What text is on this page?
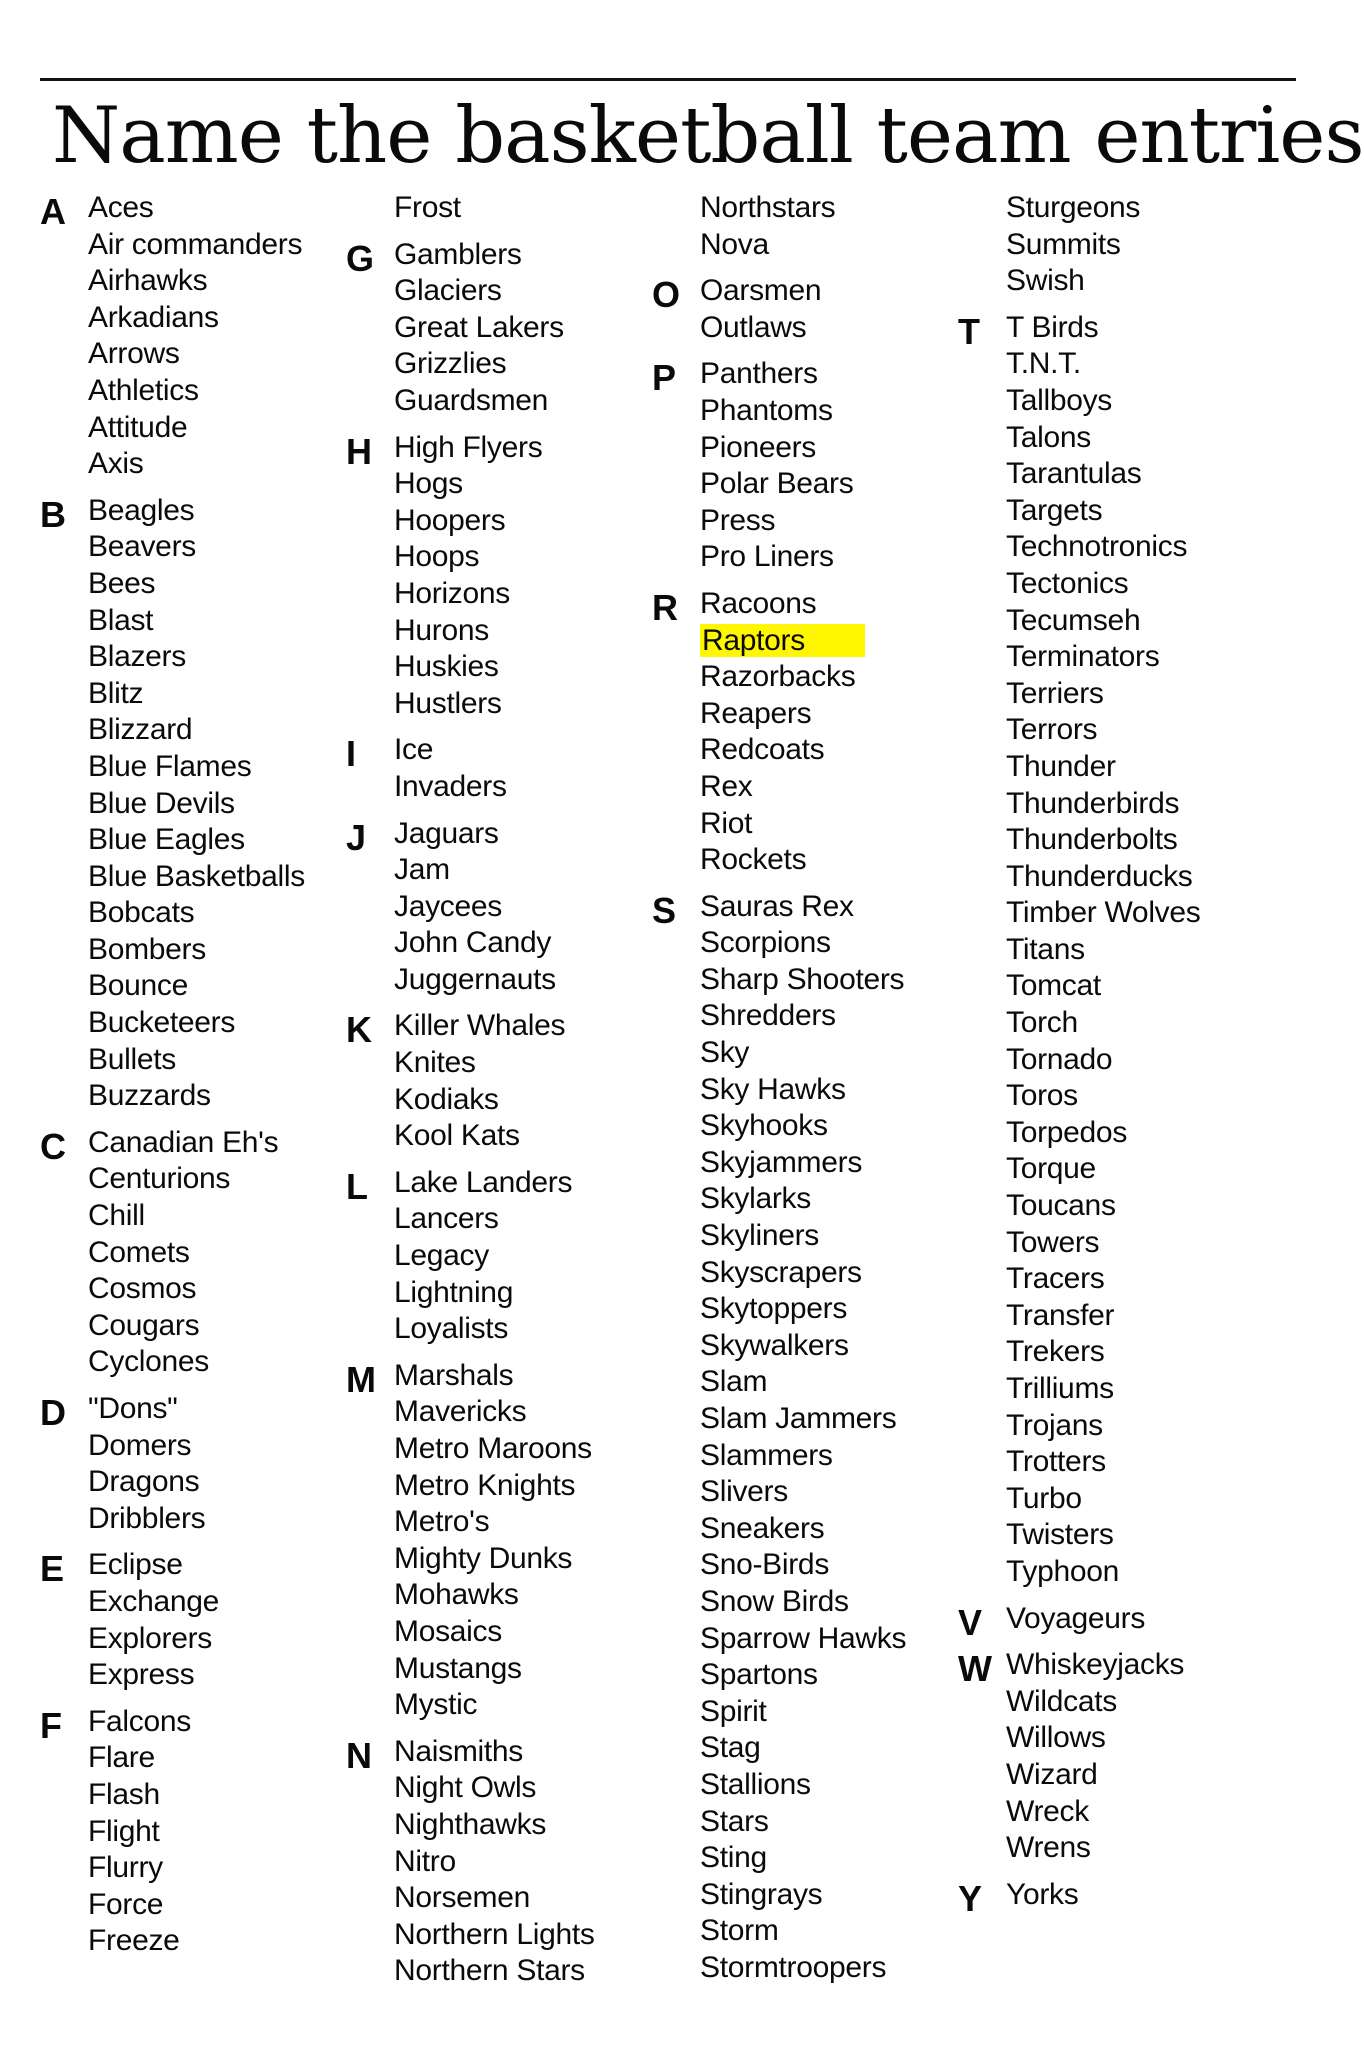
Name the basketball team entries
A Aces
Air commanders
Airhawks
Arkadians
Arrows
Athletics
Attitude
Axis
B Beagles
Beavers
Bees
Blast
Blazers
Blitz
Blizzard
Blue Flames
Blue Devils
Blue Eagles
Blue Basketballs
Bobcats
Bombers
Bounce
Bucketeers
Bullets
Buzzards
C Canadian Eh's
Centurions
Chill
Comets
Cosmos
Cougars
Cyclones
D "Dons"
Domers
Dragons
Dribblers
E Eclipse
Exchange
Explorers
Express
F Falcons
Flare
Flash
Flight
Flurry
Force
Freeze
Frost
G Gamblers
Glaciers
Great Lakers
Grizzlies
Guardsmen
H High Flyers
Hogs
Hoopers
Hoops
Horizons
Hurons
Huskies
Hustlers
I	Ice
Invaders
J Jaguars
Jam
Jaycees
John Candy
Juggernauts
K Killer Whales
Knites
Kodiaks
Kool Kats
L Lake Landers
Lancers
Legacy
Lightning
Loyalists
M Marshals
Mavericks
Metro Maroons
Metro Knights
Metro's
Mighty Dunks
Mohawks
Mosaics
Mustangs
Mystic
N Naismiths
Night Owls
Nighthawks
Nitro
Norsemen
Northern Lights
Northern Stars
Northstars
Nova
O Oarsmen
Outlaws
P Panthers
Phantoms
Pioneers
Polar Bears
Press
Pro Liners
R Racoons
Raptors
Razorbacks
Reapers
Redcoats
Rex
Riot
Rockets
S Sauras Rex
Scorpions
Sharp Shooters
Shredders
Sky
Sky Hawks
Skyhooks
Skyjammers
Skylarks
Skyliners
Skyscrapers
Skytoppers
Skywalkers
Slam
Slam Jammers
Slammers
Slivers
Sneakers
Sno-Birds
Snow Birds
Sparrow Hawks
Spartons
Spirit
Stag
Stallions
Stars
Sting
Stingrays
Storm
Stormtroopers
Sturgeons
Summits
Swish
T T Birds
T.N.T.
Tallboys
Talons
Tarantulas
Targets
Technotronics
Tectonics
Tecumseh
Terminators
Terriers
Terrors
Thunder
Thunderbirds
Thunderbolts
Thunderducks
Timber Wolves
Titans
Tomcat
Torch
Tornado
Toros
Torpedos
Torque
Toucans
Towers
Tracers
Transfer
Trekers
Trilliums
Trojans
Trotters
Turbo
Twisters
Typhoon
V Voyageurs
W Whiskeyjacks
Wildcats
Willows
Wizard
Wreck
Wrens
Y Yorks
